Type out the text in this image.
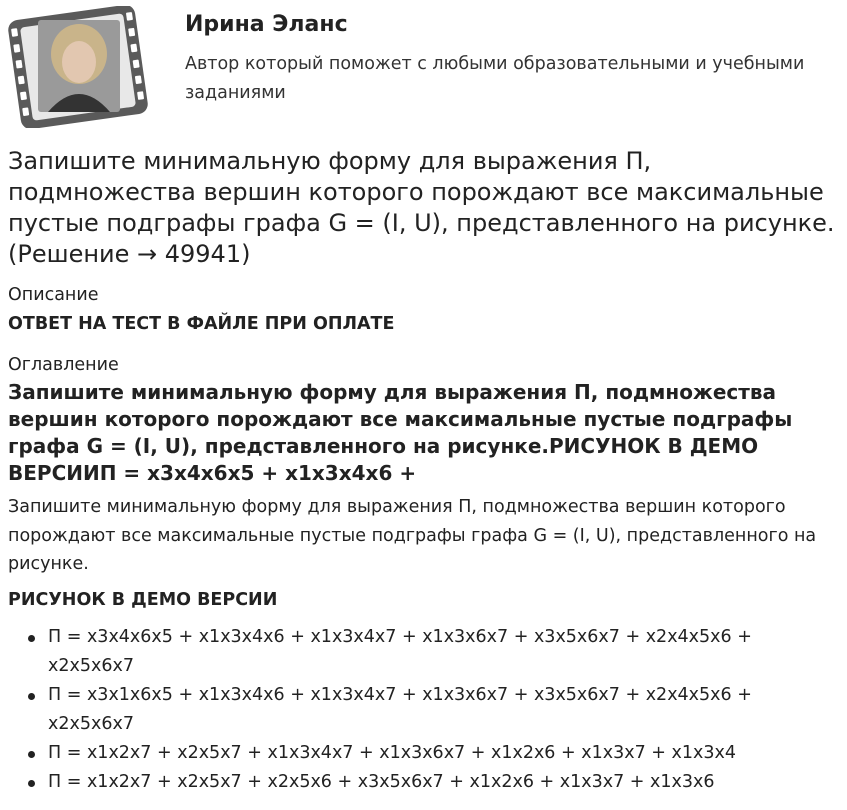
Ирина Эланс

Автор который поможет с любыми образовательными и учебными заданиями

Запишите минимальную форму для выражения П, подмножества вершин которого порождают все максимальные пустые подграфы графа G = (I, U), представленного на рисунке. (Решение → 49941)
Описание
ОТВЕТ НА ТЕСТ В ФАЙЛЕ ПРИ ОПЛАТЕ
Оглавление
Запишите минимальную форму для выражения П, подмножества вершин которого порождают все максимальные пустые подграфы графа G = (I, U), представленного на рисунке.РИСУНОК В ДЕМО ВЕРСИИП = x3x4x6x5 + x1x3x4x6 +

Запишите минимальную форму для выражения П, подмножества вершин которого порождают все максимальные пустые подграфы графа G = (I, U), представленного на рисунке.

РИСУНОК В ДЕМО ВЕРСИИ
П = x3x4x6x5 + x1x3x4x6 + x1x3x4x7 + x1x3x6x7 + x3x5x6x7 + x2x4x5x6 + x2x5x6x7
П = x3x1x6x5 + x1x3x4x6 + x1x3x4x7 + x1x3x6x7 + x3x5x6x7 + x2x4x5x6 + x2x5x6x7
П = x1x2x7 + x2x5x7 + x1x3x4x7 + x1x3x6x7 + x1x2x6 + x1x3x7 + x1x3x4
П = x1x2x7 + x2x5x7 + x2x5x6 + x3x5x6x7 + x1x2x6 + x1x3x7 + x1x3x6
